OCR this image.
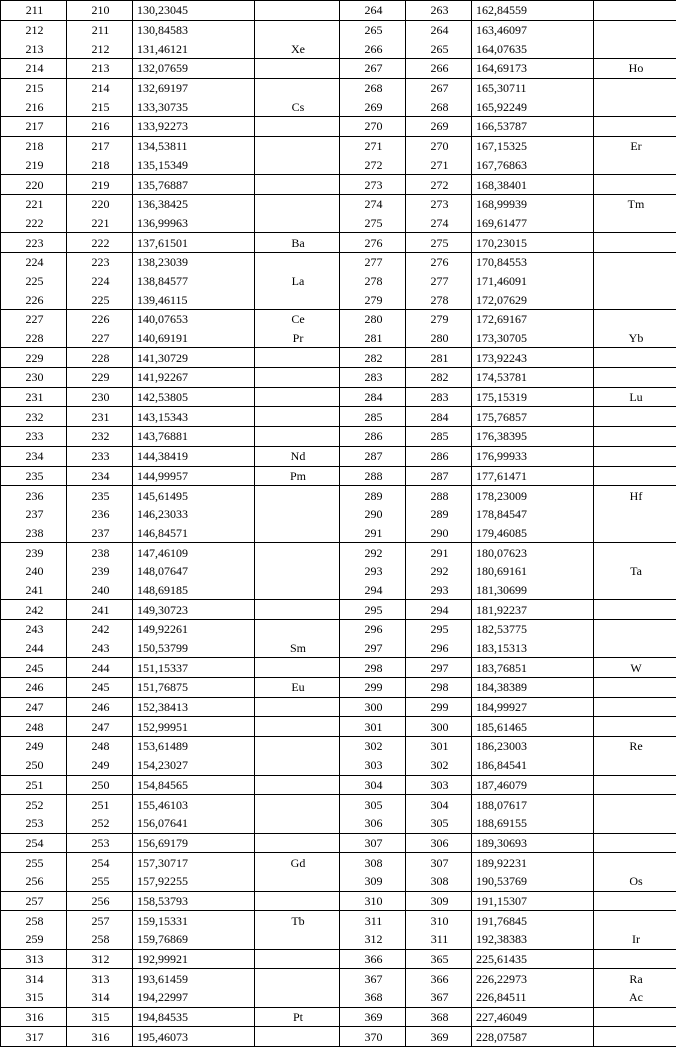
211	210	130,23045		264	263	162,84559	
212	211	130,84583		265	264	163,46097	
213	212	131,46121	Xe	266	265	164,07635	
214	213	132,07659		267	266	164,69173	Ho
215	214	132,69197		268	267	165,30711	
216	215	133,30735	Cs	269	268	165,92249	
217	216	133,92273		270	269	166,53787	
218	217	134,53811		271	270	167,15325	Er
219	218	135,15349		272	271	167,76863	
220	219	135,76887		273	272	168,38401	
221	220	136,38425		274	273	168,99939	Tm
222	221	136,99963		275	274	169,61477	
223	222	137,61501	Ba	276	275	170,23015	
224	223	138,23039		277	276	170,84553	
225	224	138,84577	La	278	277	171,46091	
226	225	139,46115		279	278	172,07629	
227	226	140,07653	Ce	280	279	172,69167	
228	227	140,69191	Pr	281	280	173,30705	Yb
229	228	141,30729		282	281	173,92243	
230	229	141,92267		283	282	174,53781	
231	230	142,53805		284	283	175,15319	Lu
232	231	143,15343		285	284	175,76857	
233	232	143,76881		286	285	176,38395	
234	233	144,38419	Nd	287	286	176,99933	
235	234	144,99957	Pm	288	287	177,61471	
236	235	145,61495		289	288	178,23009	Hf
237	236	146,23033		290	289	178,84547	
238	237	146,84571		291	290	179,46085	
239	238	147,46109		292	291	180,07623	
240	239	148,07647		293	292	180,69161	Ta
241	240	148,69185		294	293	181,30699	
242	241	149,30723		295	294	181,92237	
243	242	149,92261		296	295	182,53775	
244	243	150,53799	Sm	297	296	183,15313	
245	244	151,15337		298	297	183,76851	W
246	245	151,76875	Eu	299	298	184,38389	
247	246	152,38413		300	299	184,99927	
248	247	152,99951		301	300	185,61465	
249	248	153,61489		302	301	186,23003	Re
250	249	154,23027		303	302	186,84541	
251	250	154,84565		304	303	187,46079	
252	251	155,46103		305	304	188,07617	
253	252	156,07641		306	305	188,69155	
254	253	156,69179		307	306	189,30693	
255	254	157,30717	Gd	308	307	189,92231	
256	255	157,92255		309	308	190,53769	Os
257	256	158,53793		310	309	191,15307	
258	257	159,15331	Tb	311	310	191,76845	
259	258	159,76869		312	311	192,38383	Ir
313	312	192,99921		366	365	225,61435	
314	313	193,61459		367	366	226,22973	Ra
315	314	194,22997		368	367	226,84511	Ac
316	315	194,84535	Pt	369	368	227,46049	
317	316	195,46073		370	369	228,07587	
